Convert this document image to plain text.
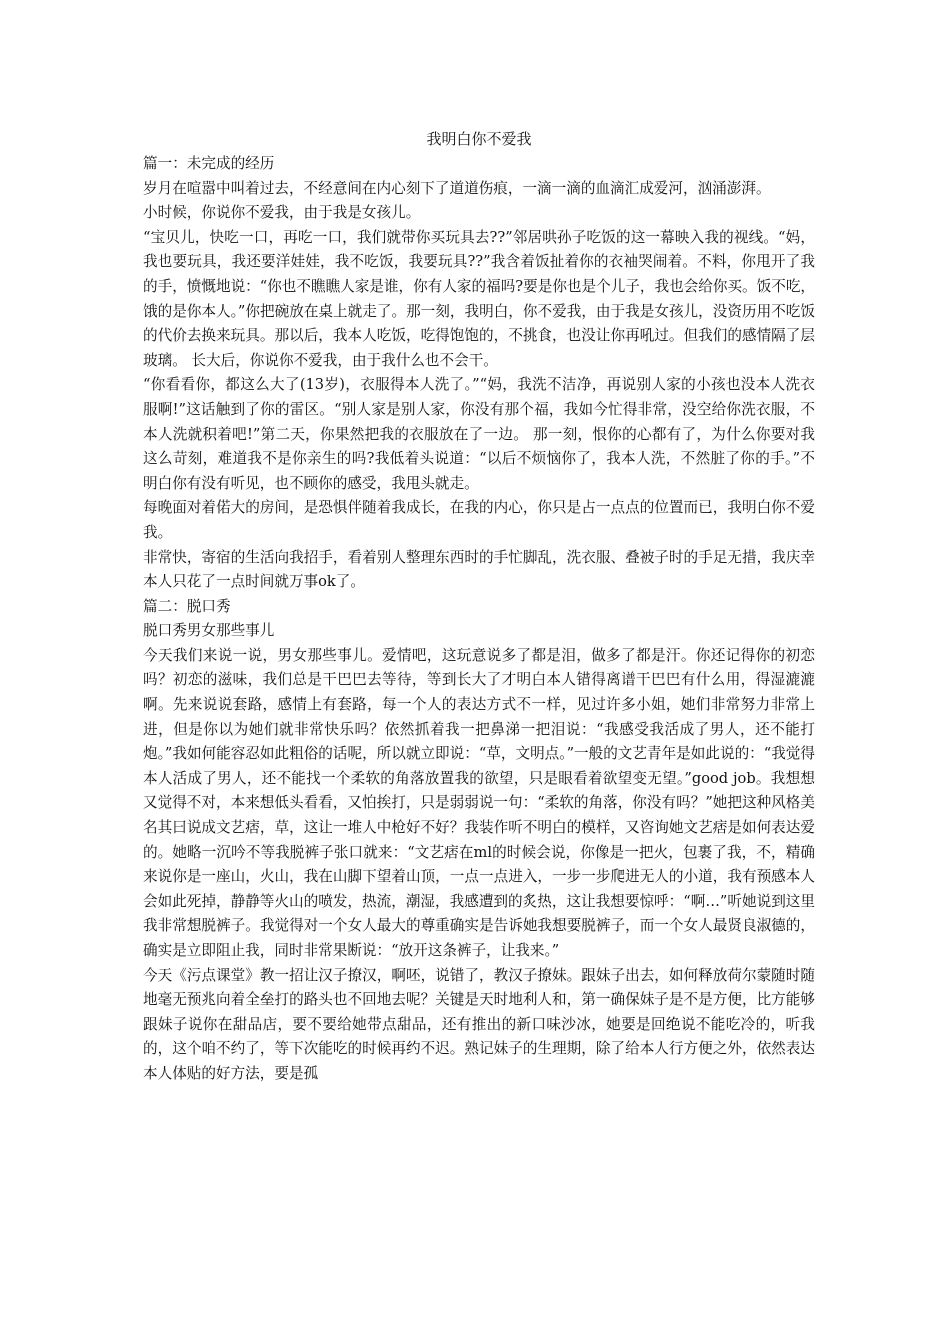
我明白你不爱我

篇一：未完成的经历

岁月在喧嚣中叫着过去，不经意间在内心刻下了道道伤痕，一滴一滴的血滴汇成爱河，汹涌澎湃。

小时候，你说你不爱我，由于我是女孩儿。

“宝贝儿，快吃一口，再吃一口，我们就带你买玩具去??”邻居哄孙子吃饭的这一幕映入我的视线。“妈，我也要玩具，我还要洋娃娃，我不吃饭，我要玩具??”我含着饭扯着你的衣袖哭闹着。不料，你甩开了我的手，愤慨地说：“你也不瞧瞧人家是谁，你有人家的福吗?要是你也是个儿子，我也会给你买。饭不吃，饿的是你本人。”你把碗放在桌上就走了。那一刻，我明白，你不爱我，由于我是女孩儿，没资历用不吃饭的代价去换来玩具。那以后，我本人吃饭，吃得饱饱的，不挑食，也没让你再吼过。但我们的感情隔了层玻璃。 长大后，你说你不爱我，由于我什么也不会干。

“你看看你，都这么大了(13岁)，衣服得本人洗了。”“妈，我洗不洁净，再说别人家的小孩也没本人洗衣服啊!”这话触到了你的雷区。“别人家是别人家，你没有那个福，我如今忙得非常，没空给你洗衣服，不本人洗就积着吧!”第二天，你果然把我的衣服放在了一边。 那一刻，恨你的心都有了，为什么你要对我这么苛刻，难道我不是你亲生的吗?我低着头说道：“以后不烦恼你了，我本人洗，不然脏了你的手。”不明白你有没有听见，也不顾你的感受，我甩头就走。

每晚面对着偌大的房间，是恐惧伴随着我成长，在我的内心，你只是占一点点的位置而已，我明白你不爱我。

非常快，寄宿的生活向我招手，看着别人整理东西时的手忙脚乱，洗衣服、叠被子时的手足无措，我庆幸本人只花了一点时间就万事ok了。

篇二：脱口秀

脱口秀男女那些事儿

今天我们来说一说，男女那些事儿。爱情吧，这玩意说多了都是泪，做多了都是汗。你还记得你的初恋吗？初恋的滋味，我们总是干巴巴去等待，等到长大了才明白本人错得离谱干巴巴有什么用，得湿漉漉啊。先来说说套路，感情上有套路，每一个人的表达方式不一样，见过许多小姐，她们非常努力非常上进，但是你以为她们就非常快乐吗？依然抓着我一把鼻涕一把泪说：“我感受我活成了男人，还不能打炮。”我如何能容忍如此粗俗的话呢，所以就立即说：“草，文明点。”一般的文艺青年是如此说的：“我觉得本人活成了男人，还不能找一个柔软的角落放置我的欲望，只是眼看着欲望变无望。”good job。我想想又觉得不对，本来想低头看看，又怕挨打，只是弱弱说一句：“柔软的角落，你没有吗？”她把这种风格美名其曰说成文艺痞，草，这让一堆人中枪好不好？我装作听不明白的模样，又咨询她文艺痞是如何表达爱的。她略一沉吟不等我脱裤子张口就来：“文艺痞在ml的时候会说，你像是一把火，包裹了我，不，精确来说你是一座山，火山，我在山脚下望着山顶，一点一点进入，一步一步爬进无人的小道，我有预感本人会如此死掉，静静等火山的喷发，热流，潮湿，我感遭到的炙热，这让我想要惊呼：“啊…”听她说到这里我非常想脱裤子。我觉得对一个女人最大的尊重确实是告诉她我想要脱裤子，而一个女人最贤良淑德的，确实是立即阻止我，同时非常果断说：“放开这条裤子，让我来。”

今天《污点课堂》教一招让汉子撩汉，啊呸，说错了，教汉子撩妹。跟妹子出去，如何释放荷尔蒙随时随地毫无预兆向着全垒打的路头也不回地去呢？关键是天时地利人和，第一确保妹子是不是方便，比方能够跟妹子说你在甜品店，要不要给她带点甜品，还有推出的新口味沙冰，她要是回绝说不能吃冷的，听我的，这个咱不约了，等下次能吃的时候再约不迟。熟记妹子的生理期，除了给本人行方便之外，依然表达本人体贴的好方法，要是孤
